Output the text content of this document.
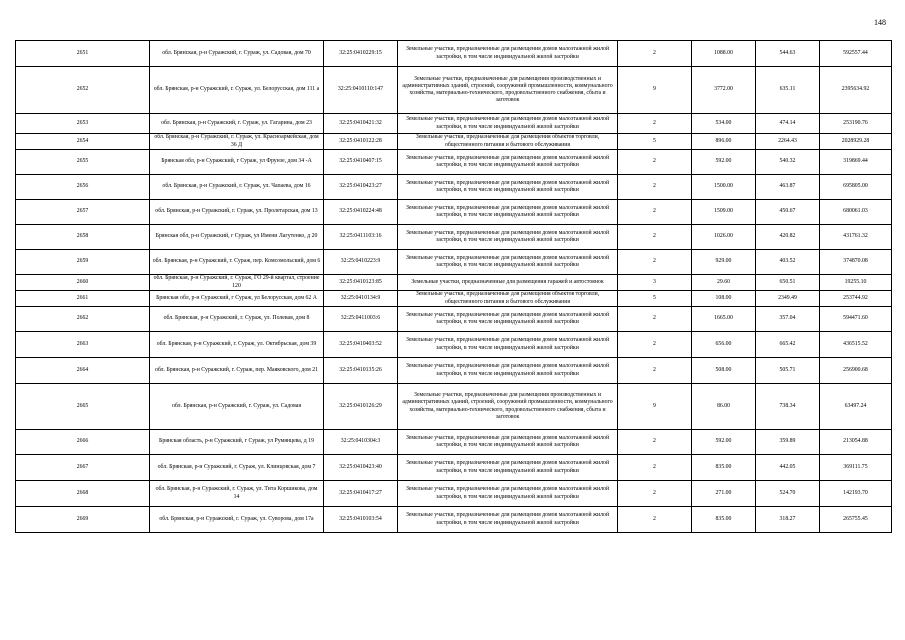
148
2651	обл. Брянская, р-н Суражский, г. Сураж, ул. Садовая, дом 70	32:25:0410229:15	Земельные участки, предназначенные для размещения домов малоэтажной жилой застройки, в том числе индивидуальной жилой застройки	2	1088.00	544.63	592557.44
2652	обл. Брянская, р-н Суражский, г. Сураж, ул. Белорусская, дом 111 а	32:25:0410110:147	Земельные участки, предназначенные для размещения производственных и административных зданий, строений, сооружений промышленности, коммунального хозяйства, материально-технического, продовольственного снабжения, сбыта и заготовок	9	3772.00	635.11	2395634.92
2653	обл. Брянская, р-н Суражский, г. Сураж, ул. Гагарина, дом 23	32:25:0410421:32	Земельные участки, предназначенные для размещения домов малоэтажной жилой застройки, в том числе индивидуальной жилой застройки	2	534.00	474.14	253190.76
2654	обл. Брянская, р-н Суражский, г. Сураж, ул. Красноармейская, дом 36 Д	32:25:0410122:28	Земельные участки, предназначенные для размещения объектов торговли, общественного питания и бытового обслуживания	5	896.00	2264.43	2028929.28
2655	Брянская обл, р-н Суражский, г Сураж, ул Фрунзе, дом 34 -А	32:25:0410407:15	Земельные участки, предназначенные для размещения домов малоэтажной жилой застройки, в том числе индивидуальной жилой застройки	2	592.00	540.32	319869.44
2656	обл. Брянская, р-н Суражский, г. Сураж, ул. Чапаева, дом 16	32:25:0410423:27	Земельные участки, предназначенные для размещения домов малоэтажной жилой застройки, в том числе индивидуальной жилой застройки	2	1500.00	463.87	695805.00
2657	обл. Брянская, р-н Суражский, г. Сураж, ул. Пролетарская, дом 13	32:25:0410224:48	Земельные участки, предназначенные для размещения домов малоэтажной жилой застройки, в том числе индивидуальной жилой застройки	2	1509.00	450.67	680061.03
2658	Брянская обл, р-н Суражский, г Сураж, ул Имени Лагутенко, д 20	32:25:0411103:16	Земельные участки, предназначенные для размещения домов малоэтажной жилой застройки, в том числе индивидуальной жилой застройки	2	1026.00	420.82	431761.32
2659	обл. Брянская, р-н Суражский, г. Сураж, пер. Комсомольский, дом 6	32:25:0410223:9	Земельные участки, предназначенные для размещения домов малоэтажной жилой застройки, в том числе индивидуальной жилой застройки	2	929.00	403.52	374870.08
2660	обл. Брянская, р-н Суражский, г. Сураж, ГО 29-й квартал, строение 120	32:25:0410123:85	Земельные участки, предназначенные для размещения гаражей и автостоянок	3	29.60	650.51	19255.10
2661	Брянская обл, р-н Суражский, г Сураж, ул Белорусская, дом 62 А	32:25:0410134:9	Земельные участки, предназначенные для размещения объектов торговли, общественного питания и бытового обслуживания	5	108.00	2349.49	253744.92
2662	обл. Брянская, р-н Суражский, г. Сураж, ул. Полевая, дом 8	32:25:0411003:6	Земельные участки, предназначенные для размещения домов малоэтажной жилой застройки, в том числе индивидуальной жилой застройки	2	1665.00	357.04	594471.60
2663	обл. Брянская, р-н Суражский, г. Сураж, ул. Октябрьская, дом 39	32:25:0410403:52	Земельные участки, предназначенные для размещения домов малоэтажной жилой застройки, в том числе индивидуальной жилой застройки	2	656.00	665.42	436515.52
2664	обл. Брянская, р-н Суражский, г. Сураж, пер. Маяковского, дом 21	32:25:0410135:26	Земельные участки, предназначенные для размещения домов малоэтажной жилой застройки, в том числе индивидуальной жилой застройки	2	508.00	505.71	256900.68
2665	обл. Брянская, р-н Суражский, г. Сураж, ул. Садовая	32:25:0410126:29	Земельные участки, предназначенные для размещения производственных и административных зданий, строений, сооружений промышленности, коммунального хозяйства, материально-технического, продовольственного снабжения, сбыта и заготовок	9	86.00	738.34	63497.24
2666	Брянская область, р-н Суражский, г Сураж, ул Румянцева, д 19	32:25:0410304:3	Земельные участки, предназначенные для размещения домов малоэтажной жилой застройки, в том числе индивидуальной жилой застройки	2	592.00	359.89	213054.88
2667	обл. Брянская, р-н Суражский, г. Сураж, ул. Клинцовская, дом 7	32:25:0410423:40	Земельные участки, предназначенные для размещения домов малоэтажной жилой застройки, в том числе индивидуальной жилой застройки	2	835.00	442.05	369111.75
2668	обл. Брянская, р-н Суражский, г. Сураж, ул. Тита Коршикова, дом 14	32:25:0410417:27	Земельные участки, предназначенные для размещения домов малоэтажной жилой застройки, в том числе индивидуальной жилой застройки	2	271.00	524.70	142193.70
2669	обл. Брянская, р-н Суражский, г. Сураж, ул. Суворова, дом 17а	32:25:0410103:54	Земельные участки, предназначенные для размещения домов малоэтажной жилой застройки, в том числе индивидуальной жилой застройки	2	835.00	318.27	265755.45
